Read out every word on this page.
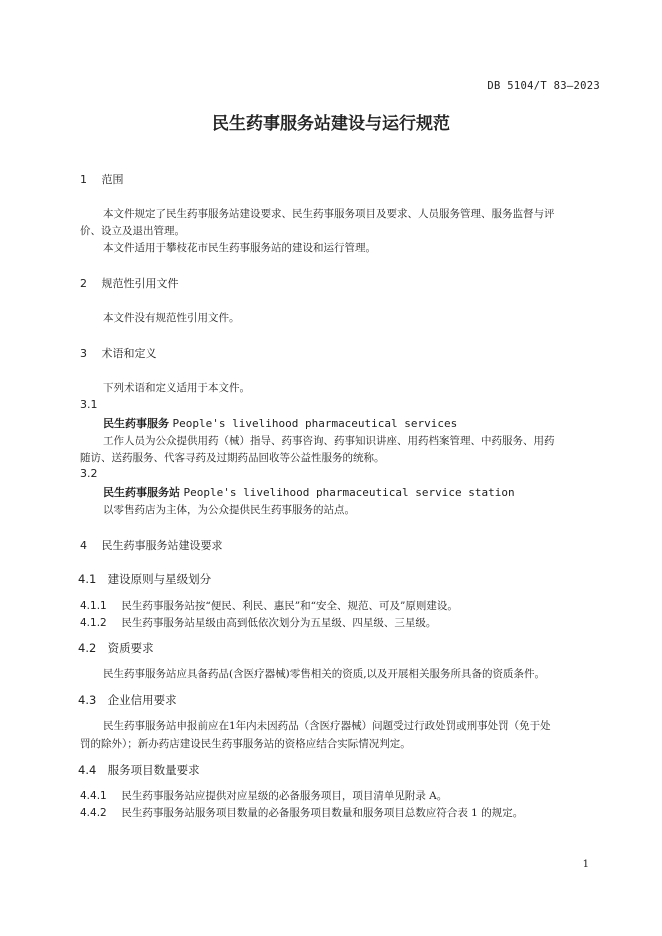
DB 5104/T 83—2023
民生药事服务站建设与运行规范
1 范围
本文件规定了民生药事服务站建设要求、民生药事服务项目及要求、人员服务管理、服务监督与评
价、设立及退出管理。
本文件适用于攀枝花市民生药事服务站的建设和运行管理。
2 规范性引用文件
本文件没有规范性引用文件。
3 术语和定义
下列术语和定义适用于本文件。
3.1
民生药事服务 People's livelihood pharmaceutical services
工作人员为公众提供用药（械）指导、药事咨询、药事知识讲座、用药档案管理、中药服务、用药
随访、送药服务、代客寻药及过期药品回收等公益性服务的统称。
3.2
民生药事服务站 People's livelihood pharmaceutical service station
以零售药店为主体，为公众提供民生药事服务的站点。
4 民生药事服务站建设要求
4.1 建设原则与星级划分
4.1.1 民生药事服务站按“便民、利民、惠民”和“安全、规范、可及”原则建设。
4.1.2 民生药事服务站星级由高到低依次划分为五星级、四星级、三星级。
4.2 资质要求
民生药事服务站应具备药品(含医疗器械)零售相关的资质,以及开展相关服务所具备的资质条件。
4.3 企业信用要求
民生药事服务站申报前应在1年内未因药品（含医疗器械）问题受过行政处罚或刑事处罚（免于处
罚的除外）；新办药店建设民生药事服务站的资格应结合实际情况判定。
4.4 服务项目数量要求
4.4.1 民生药事服务站应提供对应星级的必备服务项目，项目清单见附录 A。
4.4.2 民生药事服务站服务项目数量的必备服务项目数量和服务项目总数应符合表 1 的规定。
1
